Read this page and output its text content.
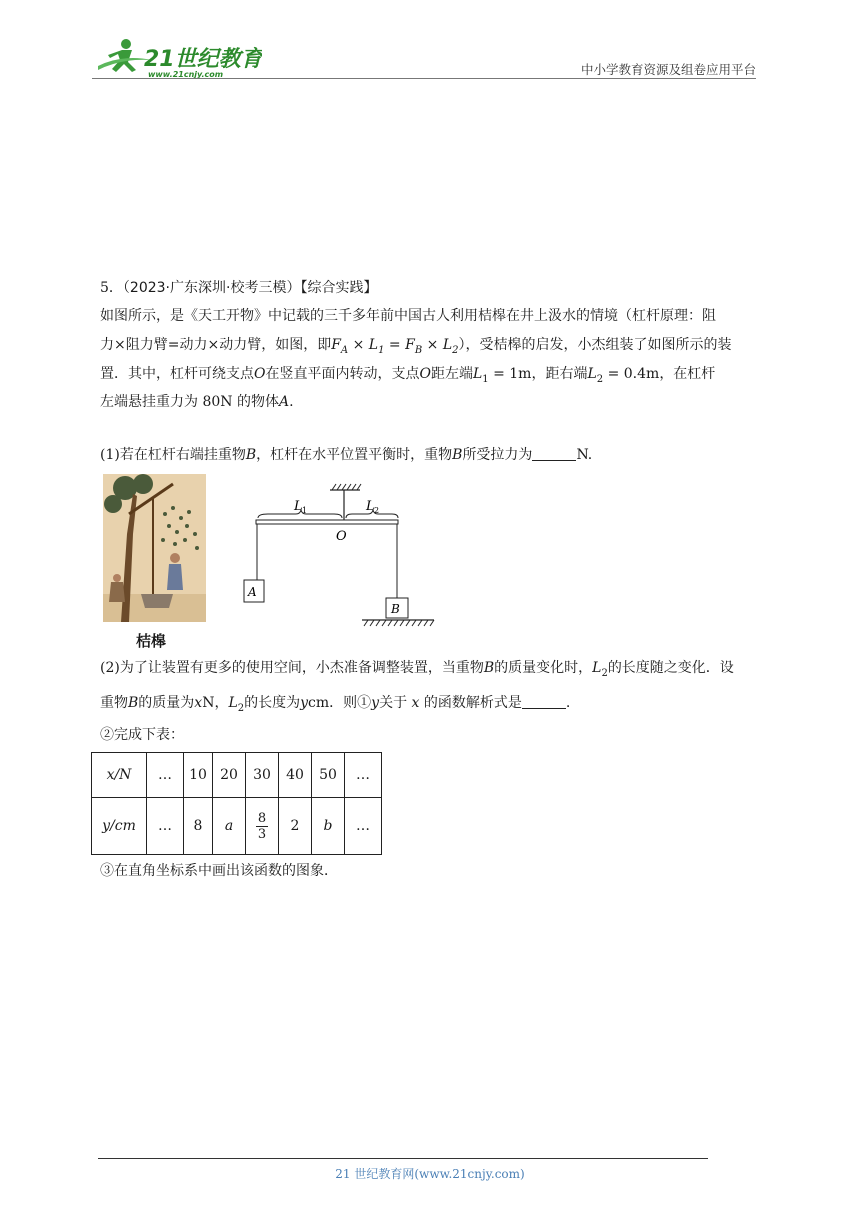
21世纪教育
www.21cnjy.com	中小学教育资源及组卷应用平台
5．（2023·广东深圳·校考三模）【综合实践】
如图所示，是《天工开物》中记载的三千多年前中国古人利用桔槔在井上汲水的情境（杠杆原理：阻
力×阻力臂=动力×动力臂，如图，即$F_A \times L_1 = F_B \times L_2$），受桔槔的启发，小杰组装了如图所示的装
置．其中，杠杆可绕支点O在竖直平面内转动，支点O距左端$L_1 = 1m$，距右端$L_2 = 0.4m$，在杠杆
左端悬挂重力为 80N 的物体A.
(1)若在杠杆右端挂重物B，杠杆在水平位置平衡时，重物B所受拉力为	N.
桔槔
L 1	L 2
O
A
B
(2)为了让装置有更多的使用空间，小杰准备调整装置，当重物B的质量变化时，$L_2$的长度随之变化．设
重物B的质量为xN，$L_2$的长度为ycm．则①y关于 x 的函数解析式是	.
②完成下表：
x/N	…	10	20	30	40	50	…
y/cm	…	8	a	$\frac{8}{3}$	2	b	…
③在直角坐标系中画出该函数的图象．
21 世纪教育网(www.21cnjy.com)
